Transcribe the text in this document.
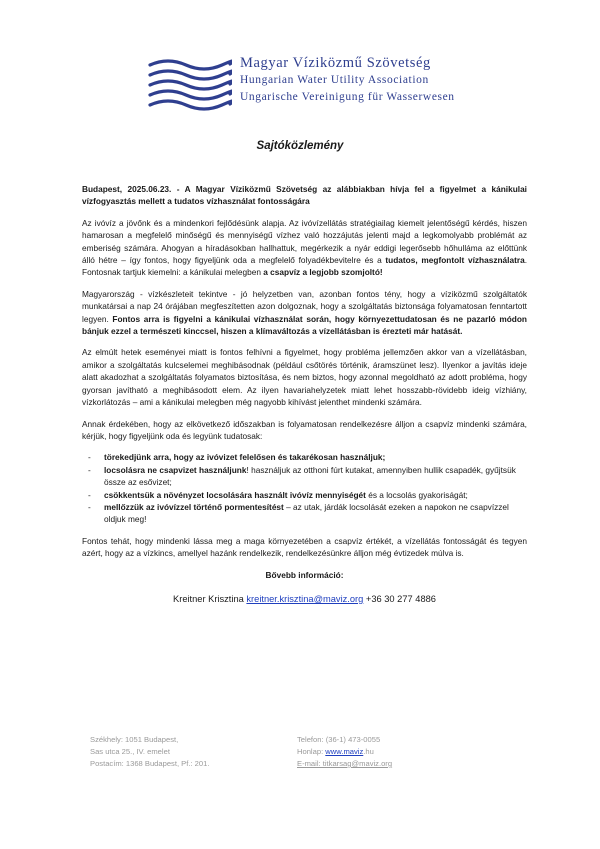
Magyar Víziközmű Szövetség
Hungarian Water Utility Association
Ungarische Vereinigung für Wasserwesen
Sajtóközlemény

Budapest, 2025.06.23. - A Magyar Víziközmű Szövetség az alábbiakban hívja fel a figyelmet a kánikulai vízfogyasztás mellett a tudatos vízhasználat fontosságára

Az ivóvíz a jövőnk és a mindenkori fejlődésünk alapja. Az ivóvízellátás stratégiailag kiemelt jelentőségű kérdés, hiszen hamarosan a megfelelő minőségű és mennyiségű vízhez való hozzájutás jelenti majd a legkomolyabb problémát az emberiség számára. Ahogyan a híradásokban hallhattuk, megérkezik a nyár eddigi legerősebb hőhulláma az előttünk álló hétre – így fontos, hogy figyeljünk oda a megfelelő folyadékbevitelre és a tudatos, megfontolt vízhasználatra. Fontosnak tartjuk kiemelni: a kánikulai melegben a csapvíz a legjobb szomjoltó!

Magyarország - vízkészleteit tekintve - jó helyzetben van, azonban fontos tény, hogy a víziközmű szolgáltatók munkatársai a nap 24 órájában megfeszítetten azon dolgoznak, hogy a szolgáltatás biztonsága folyamatosan fenntartott legyen. Fontos arra is figyelni a kánikulai vízhasználat során, hogy környezettudatosan és ne pazarló módon bánjuk ezzel a természeti kinccsel, hiszen a klímaváltozás a vízellátásban is érezteti már hatását.

Az elmúlt hetek eseményei miatt is fontos felhívni a figyelmet, hogy probléma jellemzően akkor van a vízellátásban, amikor a szolgáltatás kulcselemei meghibásodnak (például csőtörés történik, áramszünet lesz). Ilyenkor a javítás ideje alatt akadozhat a szolgáltatás folyamatos biztosítása, és nem biztos, hogy azonnal megoldható az adott probléma, hogy gyorsan javítható a meghibásodott elem. Az ilyen havariahelyzetek miatt lehet hosszabb-rövidebb ideig vízhiány, vízkorlátozás – ami a kánikulai melegben még nagyobb kihívást jelenthet mindenki számára.

Annak érdekében, hogy az elkövetkező időszakban is folyamatosan rendelkezésre álljon a csapvíz mindenki számára, kérjük, hogy figyeljünk oda és legyünk tudatosak:

- törekedjünk arra, hogy az ivóvizet felelősen és takarékosan használjuk;
- locsolásra ne csapvizet használjunk! használjuk az otthoni fúrt kutakat, amennyiben hullik csapadék, gyűjtsük össze az esővizet;
- csökkentsük a növényzet locsolására használt ivóvíz mennyiségét és a locsolás gyakoriságát;
- mellőzzük az ivóvízzel történő pormentesítést – az utak, járdák locsolását ezeken a napokon ne csapvízzel oldjuk meg!

Fontos tehát, hogy mindenki lássa meg a maga környezetében a csapvíz értékét, a vízellátás fontosságát és tegyen azért, hogy az a vízkincs, amellyel hazánk rendelkezik, rendelkezésünkre álljon még évtizedek múlva is.

Bővebb információ:
Kreitner Krisztina kreitner.krisztina@maviz.org +36 30 277 4886
Székhely: 1051 Budapest,
Sas utca 25., IV. emelet
Postacím: 1368 Budapest, Pf.: 201.
Telefon: (36-1) 473-0055
Honlap: www.maviz.hu
E-mail: titkarsag@maviz.org
